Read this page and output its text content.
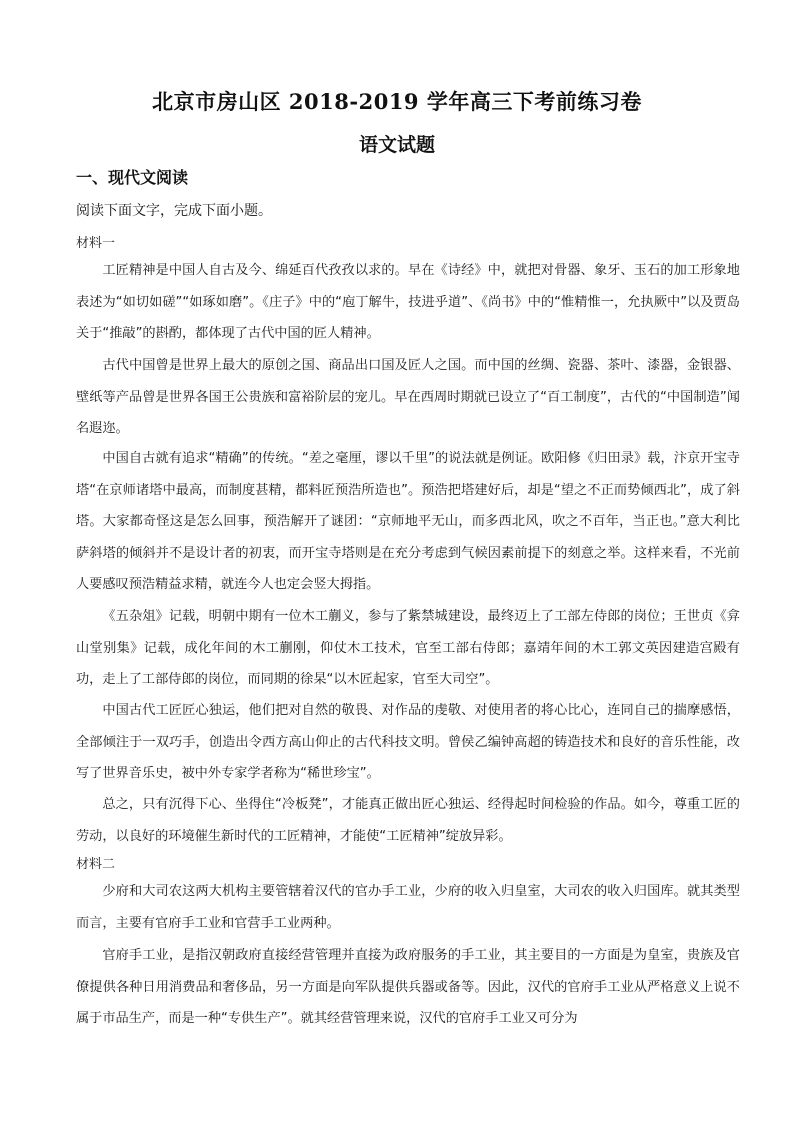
北京市房山区 2018-2019 学年高三下考前练习卷
语文试题
一、现代文阅读
阅读下面文字，完成下面小题。
材料一
工匠精神是中国人自古及今、绵延百代孜孜以求的。早在《诗经》中，就把对骨器、象牙、玉石的加工形象地表述为“如切如磋”“如琢如磨”。《庄子》中的“庖丁解牛，技进乎道”、《尚书》中的“惟精惟一，允执厥中”以及贾岛关于“推敲”的斟酌，都体现了古代中国的匠人精神。
古代中国曾是世界上最大的原创之国、商品出口国及匠人之国。而中国的丝绸、瓷器、茶叶、漆器，金银器、壁纸等产品曾是世界各国王公贵族和富裕阶层的宠儿。早在西周时期就已设立了“百工制度”，古代的“中国制造”闻名遐迩。
中国自古就有追求“精确”的传统。“差之毫厘，谬以千里”的说法就是例证。欧阳修《归田录》载，汴京开宝寺塔“在京师诸塔中最高，而制度甚精，都料匠预浩所造也”。预浩把塔建好后，却是“望之不正而势倾西北”，成了斜塔。大家都奇怪这是怎么回事，预浩解开了谜团：“京师地平无山，而多西北风，吹之不百年，当正也。”意大利比萨斜塔的倾斜并不是设计者的初衷，而开宝寺塔则是在充分考虑到气候因素前提下的刻意之举。这样来看，不光前人要感叹预浩精益求精，就连今人也定会竖大拇指。
《五杂俎》记载，明朝中期有一位木工蒯义，参与了紫禁城建设，最终迈上了工部左侍郎的岗位；王世贞《弇山堂别集》记载，成化年间的木工蒯刚，仰仗木工技术，官至工部右侍郎；嘉靖年间的木工郭文英因建造宫殿有功，走上了工部侍郎的岗位，而同期的徐杲“以木匠起家，官至大司空”。
中国古代工匠匠心独运，他们把对自然的敬畏、对作品的虔敬、对使用者的将心比心，连同自己的揣摩感悟，全部倾注于一双巧手，创造出令西方高山仰止的古代科技文明。曾侯乙编钟高超的铸造技术和良好的音乐性能，改写了世界音乐史，被中外专家学者称为“稀世珍宝”。
总之，只有沉得下心、坐得住“冷板凳”，才能真正做出匠心独运、经得起时间检验的作品。如今，尊重工匠的劳动，以良好的环境催生新时代的工匠精神，才能使“工匠精神”绽放异彩。
材料二
少府和大司农这两大机构主要管辖着汉代的官办手工业，少府的收入归皇室，大司农的收入归国库。就其类型而言，主要有官府手工业和官营手工业两种。
官府手工业，是指汉朝政府直接经营管理并直接为政府服务的手工业，其主要目的一方面是为皇室，贵族及官僚提供各种日用消费品和奢侈品，另一方面是向军队提供兵器或备等。因此，汉代的官府手工业从严格意义上说不属于市品生产，而是一种“专供生产”。就其经营管理来说，汉代的官府手工业又可分为
